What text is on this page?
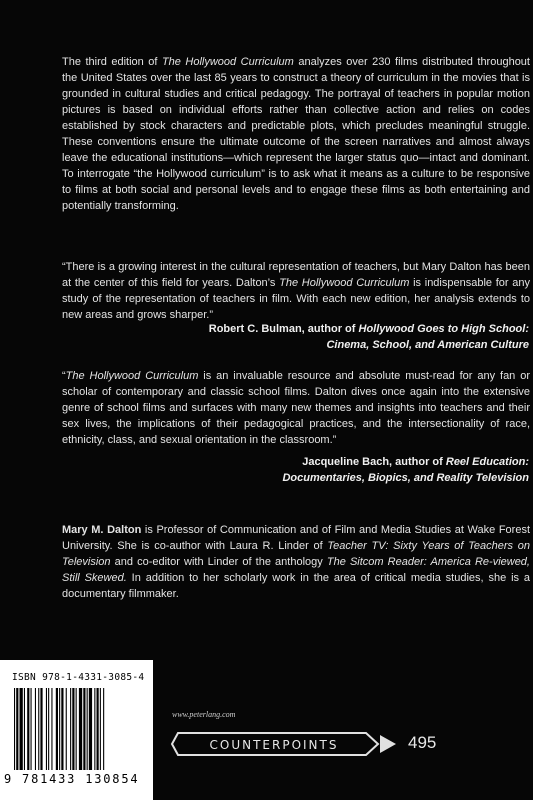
The third edition of The Hollywood Curriculum analyzes over 230 films distributed throughout the United States over the last 85 years to construct a theory of curriculum in the movies that is grounded in cultural studies and critical pedagogy. The portrayal of teachers in popular motion pictures is based on individual efforts rather than collective action and relies on codes established by stock characters and predictable plots, which precludes meaningful struggle. These conventions ensure the ultimate outcome of the screen narratives and almost always leave the educational institutions—which represent the larger status quo—intact and dominant. To interrogate “the Hollywood curriculum” is to ask what it means as a culture to be responsive to films at both social and personal levels and to engage these films as both entertaining and potentially transforming.

“There is a growing interest in the cultural representation of teachers, but Mary Dalton has been at the center of this field for years. Dalton’s The Hollywood Curriculum is indispensable for any study of the representation of teachers in film. With each new edition, her analysis extends to new areas and grows sharper.”

Robert C. Bulman, author of Hollywood Goes to High School:
Cinema, School, and American Culture

“The Hollywood Curriculum is an invaluable resource and absolute must-read for any fan or scholar of contemporary and classic school films. Dalton dives once again into the extensive genre of school films and surfaces with many new themes and insights into teachers and their sex lives, the implications of their pedagogical practices, and the intersectionality of race, ethnicity, class, and sexual orientation in the classroom.”

Jacqueline Bach, author of Reel Education:
Documentaries, Biopics, and Reality Television

Mary M. Dalton is Professor of Communication and of Film and Media Studies at Wake Forest University. She is co-author with Laura R. Linder of Teacher TV: Sixty Years of Teachers on Television and co-editor with Linder of the anthology The Sitcom Reader: America Re-viewed, Still Skewed. In addition to her scholarly work in the area of critical media studies, she is a documentary filmmaker.

ISBN 978-1-4331-3085-4
9 781433 130854
www.peterlang.com
COUNTERPOINTS	495
